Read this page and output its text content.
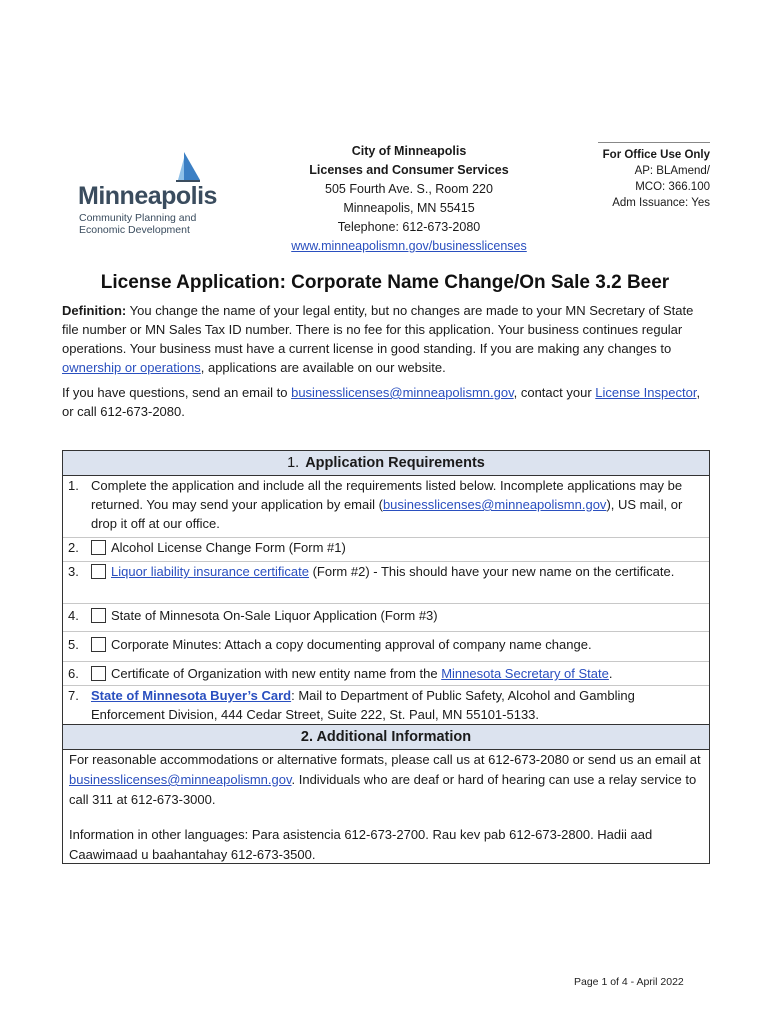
Minneapolis
Community Planning and
Economic Development
City of Minneapolis
Licenses and Consumer Services
505 Fourth Ave. S., Room 220
Minneapolis, MN 55415
Telephone: 612-673-2080
www.minneapolismn.gov/businesslicenses
For Office Use Only
AP: BLAmend/
MCO: 366.100
Adm Issuance: Yes
License Application: Corporate Name Change/On Sale 3.2 Beer
Definition: You change the name of your legal entity, but no changes are made to your MN Secretary of State file number or MN Sales Tax ID number. There is no fee for this application. Your business continues regular operations. Your business must have a current license in good standing. If you are making any changes to ownership or operations, applications are available on our website.
If you have questions, send an email to businesslicenses@minneapolismn.gov, contact your License Inspector, or call 612-673-2080.
1. Application Requirements
1. Complete the application and include all the requirements listed below. Incomplete applications may be returned. You may send your application by email (businesslicenses@minneapolismn.gov), US mail, or drop it off at our office.
2.	Alcohol License Change Form (Form #1)
3.	Liquor liability insurance certificate (Form #2) - This should have your new name on the certificate.
4.	State of Minnesota On-Sale Liquor Application (Form #3)
5.	Corporate Minutes: Attach a copy documenting approval of company name change.
6.	Certificate of Organization with new entity name from the Minnesota Secretary of State.
7. State of Minnesota Buyer’s Card: Mail to Department of Public Safety, Alcohol and Gambling Enforcement Division, 444 Cedar Street, Suite 222, St. Paul, MN 55101-5133.
2. Additional Information
For reasonable accommodations or alternative formats, please call us at 612-673-2080 or send us an email at businesslicenses@minneapolismn.gov. Individuals who are deaf or hard of hearing can use a relay service to call 311 at 612-673-3000.
Information in other languages: Para asistencia 612-673-2700. Rau kev pab 612-673-2800. Hadii aad Caawimaad u baahantahay 612-673-3500.
Page 1 of 4 - April 2022
